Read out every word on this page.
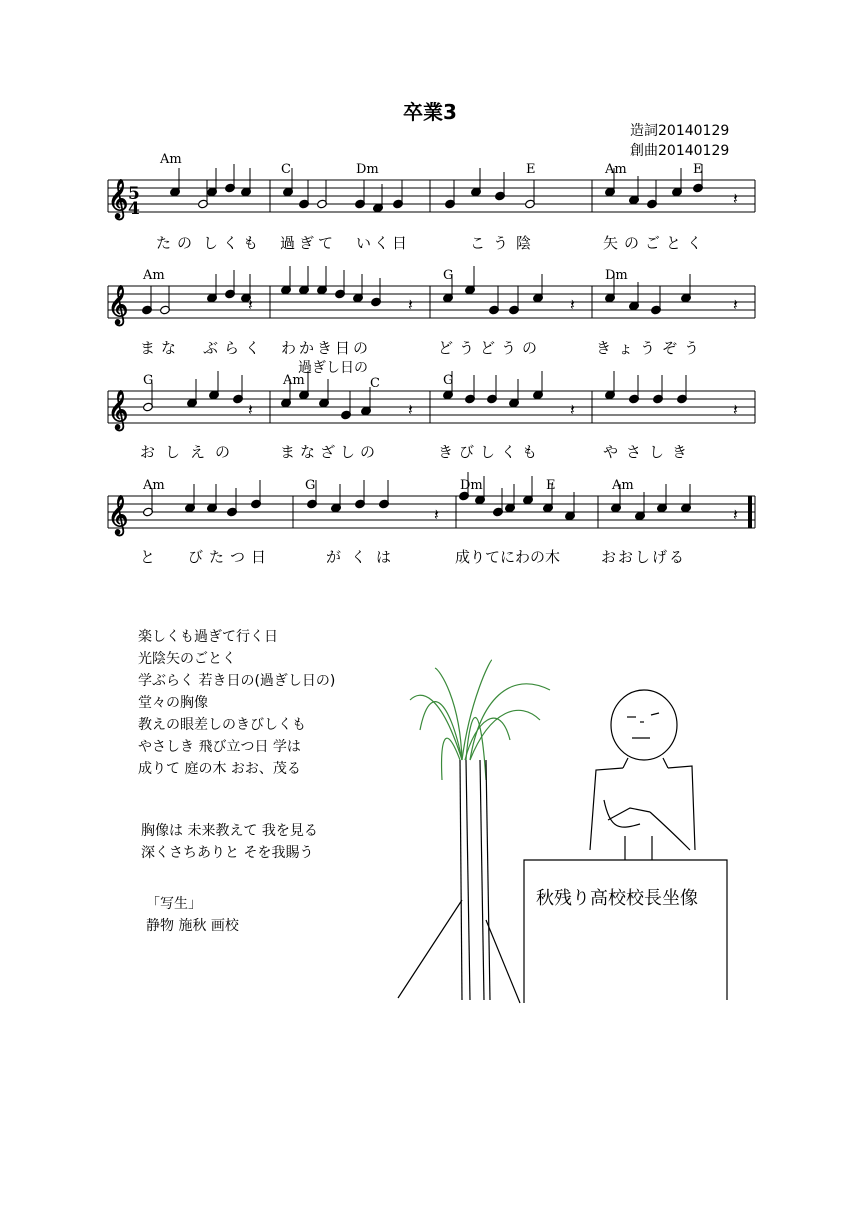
卒業3
造詞20140129
創曲20140129
𝄞
𝄞
𝄞
𝄞
𝄽
𝄽	𝄽	𝄽	𝄽
𝄽	𝄽	𝄽	𝄽
𝄽	𝄽
5
4
Am
C	Dm	E	Am	E
Am	G	Dm
G	Am	C	G
Am	G	Dm	E	Am
たの しくも 過ぎて いく日	こう陰	矢のごとく
まな ぶらく わかき日の	どうどうの	きょうぞう
過ぎし日の
おしえの	まなざしの	きびしくも	やさしき
と びたつ日	がくは	成りてにわの木	おおしげる
楽しくも過ぎて行く日
光陰矢のごとく
学ぶらく 若き日の(過ぎし日の)
堂々の胸像
教えの眼差しのきびしくも
やさしき 飛び立つ日 学は
成りて 庭の木 おお、茂る
胸像は 未来教えて 我を見る
深くさちありと そを我賜う
「写生」
静物 施秋 画校
秋残り高校校長坐像
